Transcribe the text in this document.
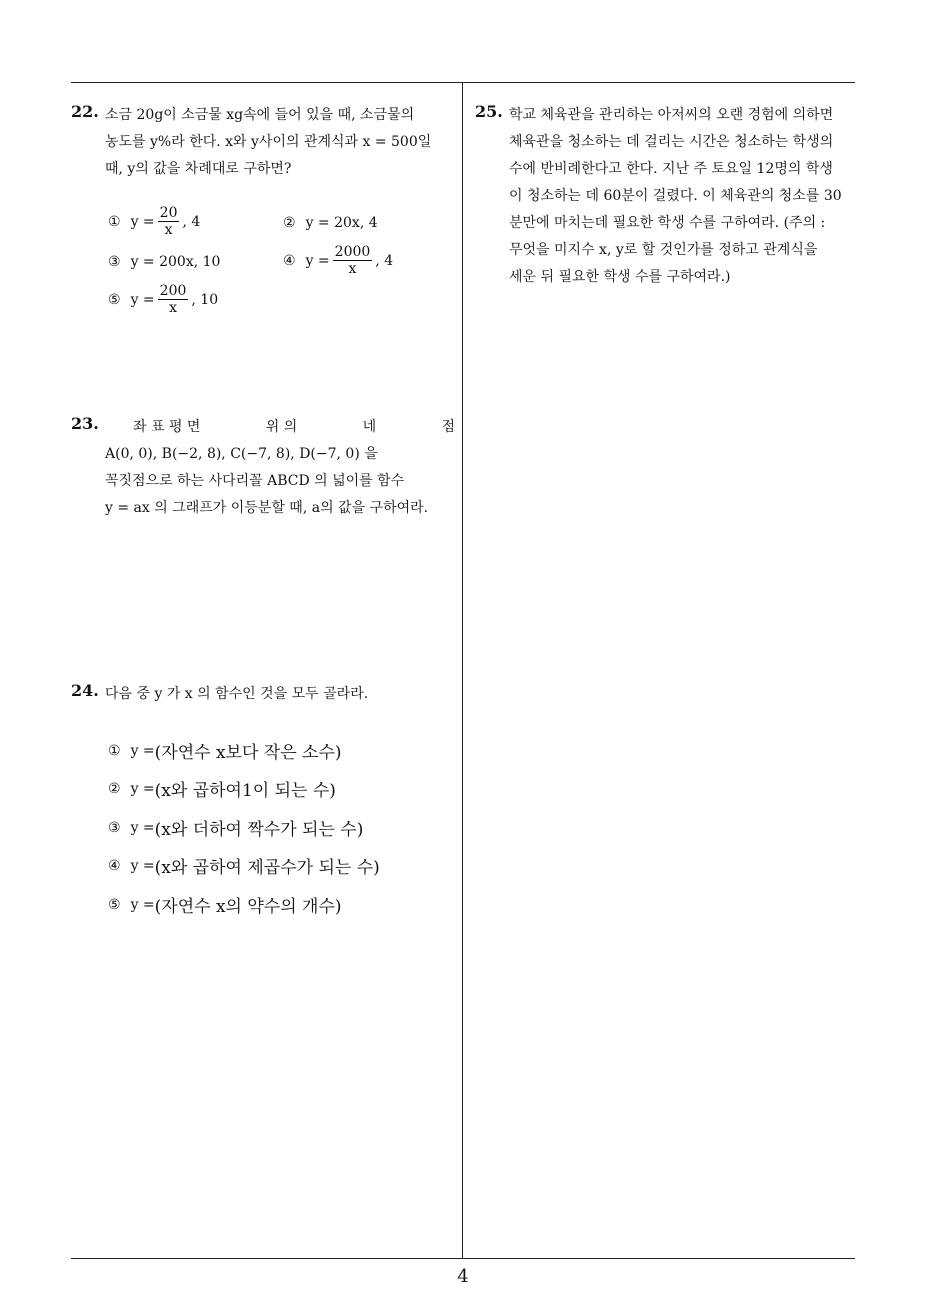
22. 소금 20g이 소금물 xg속에 들어 있을 때, 소금물의

농도를 y%라 한다. x와 y사이의 관계식과 x = 500일

때, y의 값을 차례대로 구하면?

① $y = \frac{20}{x}$ , 4	② y = 20x, 4
③ y = 200x, 10	④ $y = \frac{2000}{x}$ , 4
⑤ $y = \frac{200}{x}$ , 10
23. 좌 표 평 면	위 의	네	점

A(0, 0), B(−2, 8), C(−7, 8), D(−7, 0) 을

꼭짓점으로 하는 사다리꼴 ABCD 의 넓이를 함수

y = ax 의 그래프가 이등분할 때, a의 값을 구하여라.

24. 다음 중 y 가 x 의 함수인 것을 모두 골라라.

① y = (자연수 x보다 작은 소수)
② y = (x와 곱하여1이 되는 수)
③ y = (x와 더하여 짝수가 되는 수)
④ y = (x와 곱하여 제곱수가 되는 수)
⑤ y = (자연수 x의 약수의 개수)
25. 학교 체육관을 관리하는 아저씨의 오랜 경험에 의하면

체육관을 청소하는 데 걸리는 시간은 청소하는 학생의

수에 반비례한다고 한다. 지난 주 토요일 12명의 학생

이 청소하는 데 60분이 걸렸다. 이 체육관의 청소를 30

분만에 마치는데 필요한 학생 수를 구하여라. (주의 :

무엇을 미지수 x, y로 할 것인가를 정하고 관계식을

세운 뒤 필요한 학생 수를 구하여라.)

4
